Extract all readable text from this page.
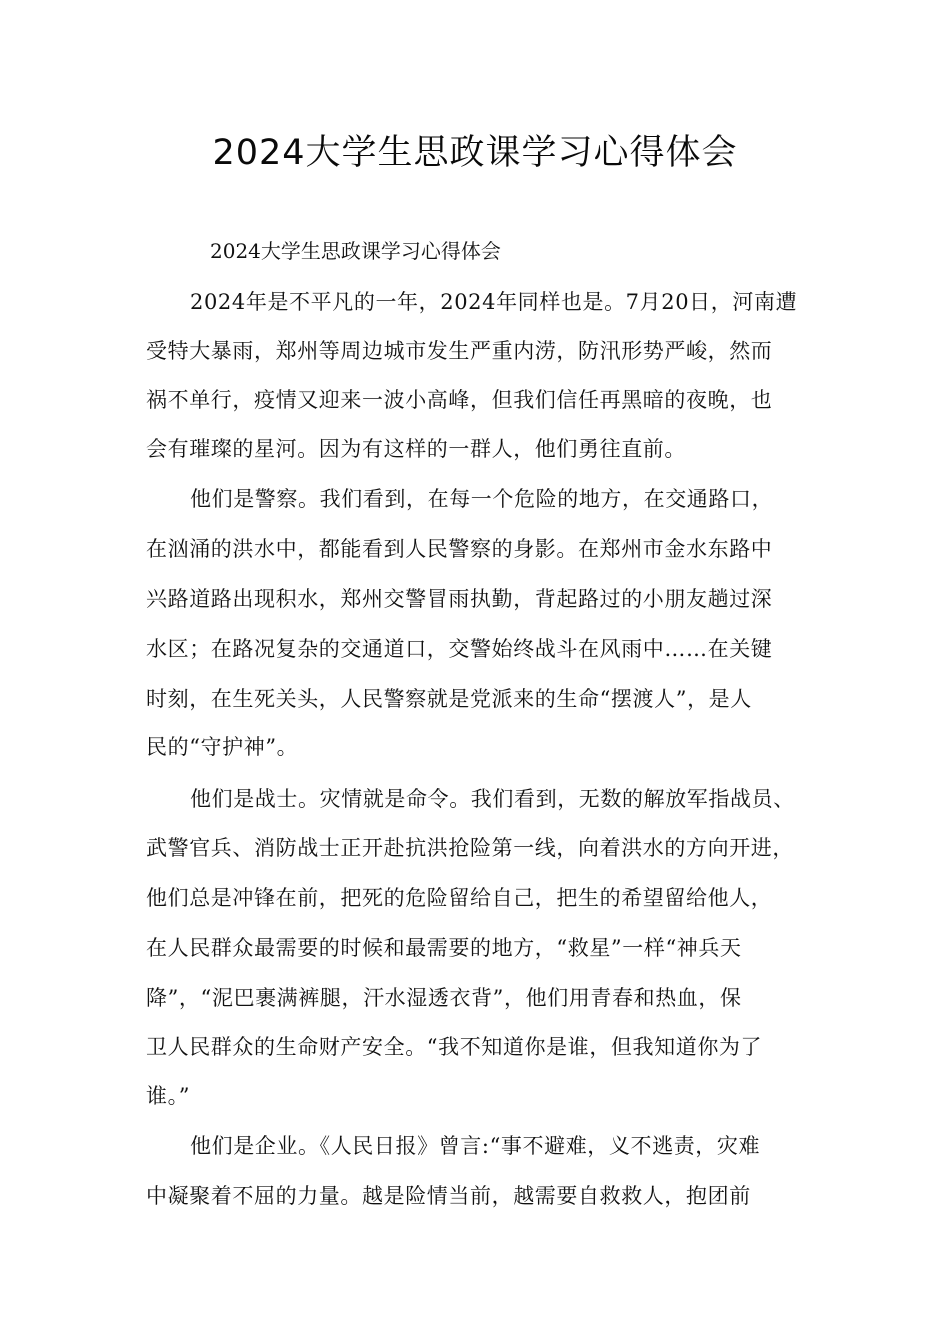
2024大学生思政课学习心得体会
2024大学生思政课学习心得体会
2024年是不平凡的一年，2024年同样也是。7月20日，河南遭
受特大暴雨，郑州等周边城市发生严重内涝，防汛形势严峻，然而
祸不单行，疫情又迎来一波小高峰，但我们信任再黑暗的夜晚，也
会有璀璨的星河。因为有这样的一群人，他们勇往直前。
他们是警察。我们看到，在每一个危险的地方，在交通路口，
在汹涌的洪水中，都能看到人民警察的身影。在郑州市金水东路中
兴路道路出现积水，郑州交警冒雨执勤，背起路过的小朋友趟过深
水区；在路况复杂的交通道口，交警始终战斗在风雨中……在关键
时刻，在生死关头，人民警察就是党派来的生命“摆渡人”，是人
民的“守护神”。
他们是战士。灾情就是命令。我们看到，无数的解放军指战员、
武警官兵、消防战士正开赴抗洪抢险第一线，向着洪水的方向开进，
他们总是冲锋在前，把死的危险留给自己，把生的希望留给他人，
在人民群众最需要的时候和最需要的地方，“救星”一样“神兵天
降”，“泥巴裹满裤腿，汗水湿透衣背”，他们用青春和热血，保
卫人民群众的生命财产安全。“我不知道你是谁，但我知道你为了
谁。”
他们是企业。《人民日报》曾言:“事不避难，义不逃责，灾难
中凝聚着不屈的力量。越是险情当前，越需要自救救人，抱团前
